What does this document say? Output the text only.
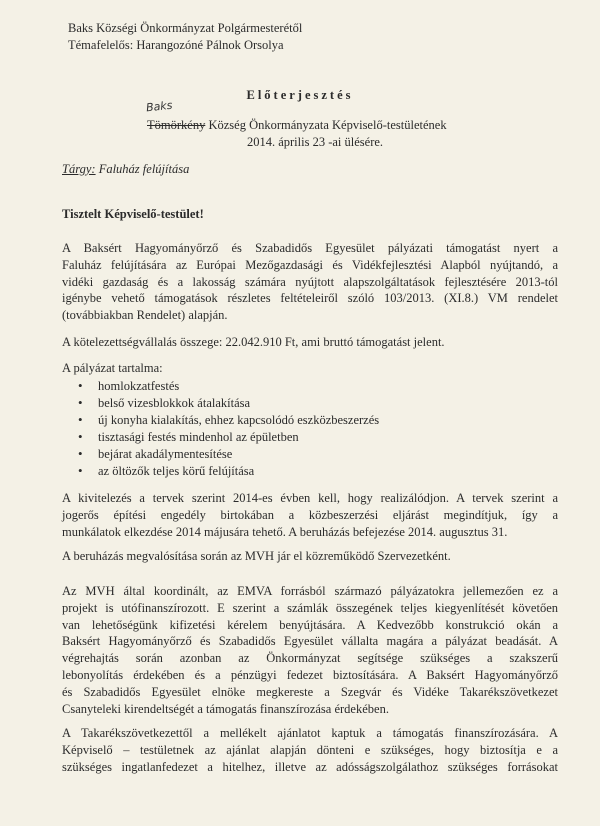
Baks Községi Önkormányzat Polgármesterétől
Témafelelős: Harangozóné Pálnok Orsolya
Előterjesztés
Baks
Tömörkény Község Önkormányzata Képviselő-testületének
2014. április 23 -ai ülésére.
Tárgy: Faluház felújítása
Tisztelt Képviselő-testület!
A Baksért Hagyományőrző és Szabadidős Egyesület pályázati támogatást nyert a
Faluház felújítására az Európai Mezőgazdasági és Vidékfejlesztési Alapból nyújtandó, a
vidéki gazdaság és a lakosság számára nyújtott alapszolgáltatások fejlesztésére 2013-tól
igénybe vehető támogatások részletes feltételeiről szóló 103/2013. (XI.8.) VM rendelet
(továbbiakban Rendelet) alapján.
A kötelezettségvállalás összege: 22.042.910 Ft, ami bruttó támogatást jelent.
A pályázat tartalma:
• homlokzatfestés
• belső vizesblokkok átalakítása
• új konyha kialakítás, ehhez kapcsolódó eszközbeszerzés
• tisztasági festés mindenhol az épületben
• bejárat akadálymentesítése
• az öltözők teljes körű felújítása
A kivitelezés a tervek szerint 2014-es évben kell, hogy realizálódjon. A tervek szerint a
jogerős építési engedély birtokában a közbeszerzési eljárást megindítjuk, így a
munkálatok elkezdése 2014 májusára tehető. A beruházás befejezése 2014. augusztus 31.
A beruházás megvalósítása során az MVH jár el közreműködő Szervezetként.
Az MVH által koordinált, az EMVA forrásból származó pályázatokra jellemezően ez a
projekt is utófinanszírozott. E szerint a számlák összegének teljes kiegyenlítését követően
van lehetőségünk kifizetési kérelem benyújtására. A Kedvezőbb konstrukció okán a
Baksért Hagyományőrző és Szabadidős Egyesület vállalta magára a pályázat beadását. A
végrehajtás során azonban az Önkormányzat segítsége szükséges a szakszerű
lebonyolítás érdekében és a pénzügyi fedezet biztosítására. A Baksért Hagyományőrző
és Szabadidős Egyesület elnöke megkereste a Szegvár és Vidéke Takarékszövetkezet
Csanyteleki kirendeltségét a támogatás finanszírozása érdekében.
A Takarékszövetkezettől a mellékelt ajánlatot kaptuk a támogatás finanszírozására. A
Képviselő – testületnek az ajánlat alapján dönteni e szükséges, hogy biztosítja e a
szükséges ingatlanfedezet a hitelhez, illetve az adósságszolgálathoz szükséges forrásokat
